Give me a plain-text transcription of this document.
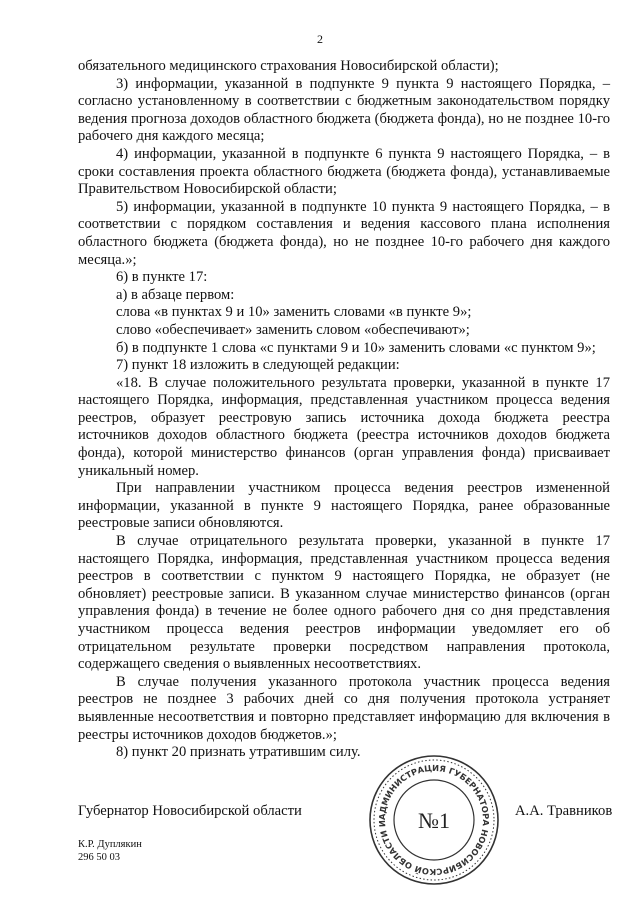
2

обязательного медицинского страхования Новосибирской области);

3) информации, указанной в подпункте 9 пункта 9 настоящего Порядка, – согласно установленному в соответствии с бюджетным законодательством порядку ведения прогноза доходов областного бюджета (бюджета фонда), но не позднее 10-го рабочего дня каждого месяца;

4) информации, указанной в подпункте 6 пункта 9 настоящего Порядка, – в сроки составления проекта областного бюджета (бюджета фонда), устанавливаемые Правительством Новосибирской области;

5) информации, указанной в подпункте 10 пункта 9 настоящего Порядка, – в соответствии с порядком составления и ведения кассового плана исполнения областного бюджета (бюджета фонда), но не позднее 10-го рабочего дня каждого месяца.»;

6) в пункте 17:

а) в абзаце первом:

слова «в пунктах 9 и 10» заменить словами «в пункте 9»;

слово «обеспечивает» заменить словом «обеспечивают»;

б) в подпункте 1 слова «с пунктами 9 и 10» заменить словами «с пунктом 9»;

7) пункт 18 изложить в следующей редакции:

«18. В случае положительного результата проверки, указанной в пункте 17 настоящего Порядка, информация, представленная участником процесса ведения реестров, образует реестровую запись источника дохода бюджета реестра источников доходов областного бюджета (реестра источников доходов бюджета фонда), которой министерство финансов (орган управления фонда) присваивает уникальный номер.

При направлении участником процесса ведения реестров измененной информации, указанной в пункте 9 настоящего Порядка, ранее образованные реестровые записи обновляются.

В случае отрицательного результата проверки, указанной в пункте 17 настоящего Порядка, информация, представленная участником процесса ведения реестров в соответствии с пунктом 9 настоящего Порядка, не образует (не обновляет) реестровые записи. В указанном случае министерство финансов (орган управления фонда) в течение не более одного рабочего дня со дня представления участником процесса ведения реестров информации уведомляет его об отрицательном результате проверки посредством направления протокола, содержащего сведения о выявленных несоответствиях.

В случае получения указанного протокола участник процесса ведения реестров не позднее 3 рабочих дней со дня получения протокола устраняет выявленные несоответствия и повторно представляет информацию для включения в реестры источников доходов бюджетов.»;

8) пункт 20 признать утратившим силу.

АДМИНИСТРАЦИЯ ГУБЕРНАТОРА НОВОСИБИРСКОЙ ОБЛАСТИ И	№1
Губернатор Новосибирской области	А.А. Травников
К.Р. Дуплякин
296 50 03
